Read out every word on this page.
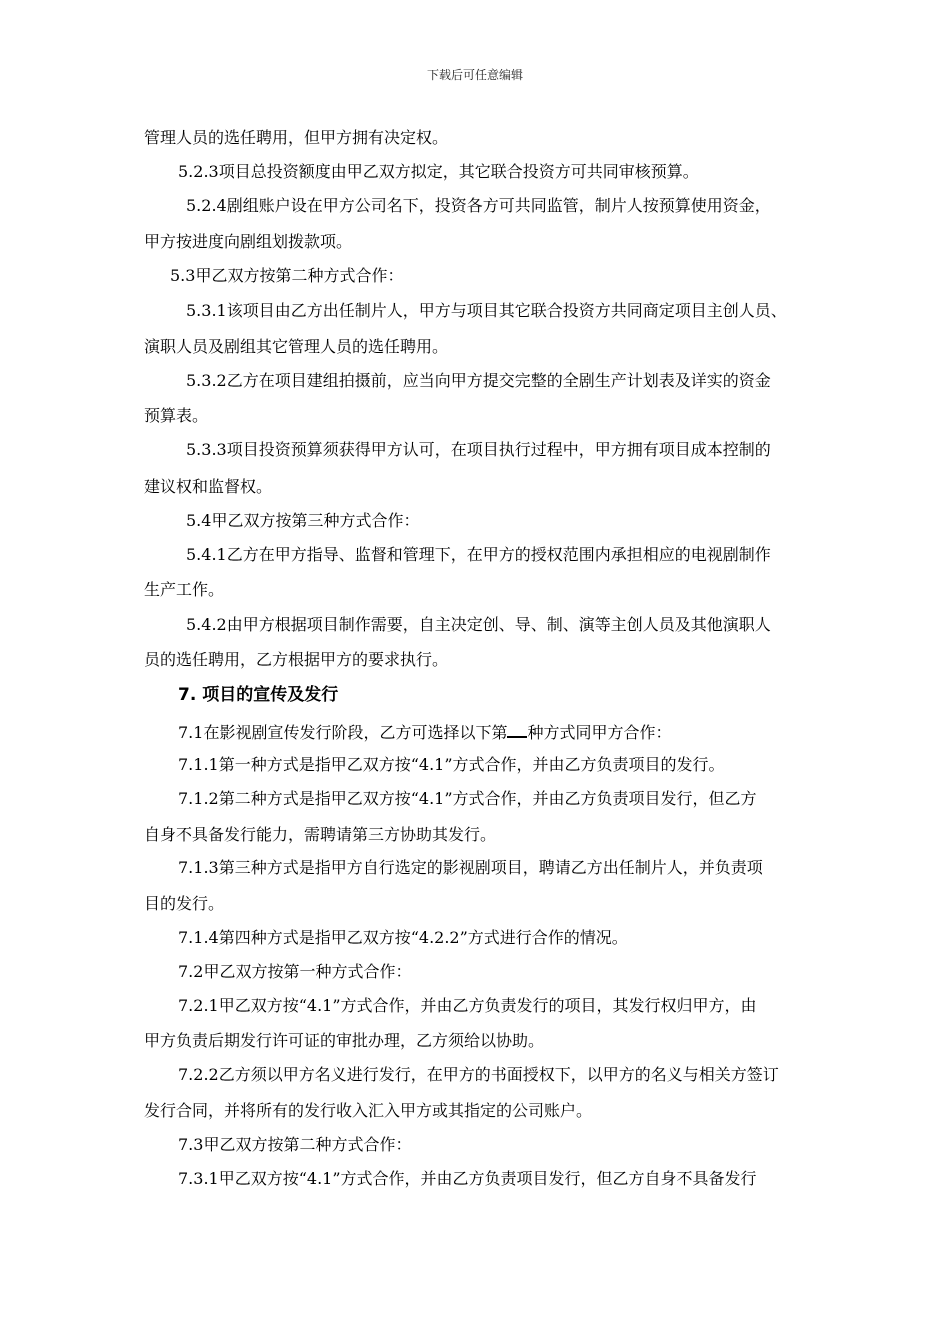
下载后可任意编辑
管理人员的选任聘用，但甲方拥有决定权。
5.2.3项目总投资额度由甲乙双方拟定，其它联合投资方可共同审核预算。
5.2.4剧组账户设在甲方公司名下，投资各方可共同监管，制片人按预算使用资金，
甲方按进度向剧组划拨款项。
5.3甲乙双方按第二种方式合作：
5.3.1该项目由乙方出任制片人，甲方与项目其它联合投资方共同商定项目主创人员、
演职人员及剧组其它管理人员的选任聘用。
5.3.2乙方在项目建组拍摄前，应当向甲方提交完整的全剧生产计划表及详实的资金
预算表。
5.3.3项目投资预算须获得甲方认可，在项目执行过程中，甲方拥有项目成本控制的
建议权和监督权。
5.4甲乙双方按第三种方式合作：
5.4.1乙方在甲方指导、监督和管理下，在甲方的授权范围内承担相应的电视剧制作
生产工作。
5.4.2由甲方根据项目制作需要，自主决定创、导、制、演等主创人员及其他演职人
员的选任聘用，乙方根据甲方的要求执行。
7. 项目的宣传及发行
7.1在影视剧宣传发行阶段，乙方可选择以下第 种方式同甲方合作：
7.1.1第一种方式是指甲乙双方按“4.1”方式合作，并由乙方负责项目的发行。
7.1.2第二种方式是指甲乙双方按“4.1”方式合作，并由乙方负责项目发行，但乙方
自身不具备发行能力，需聘请第三方协助其发行。
7.1.3第三种方式是指甲方自行选定的影视剧项目，聘请乙方出任制片人，并负责项
目的发行。
7.1.4第四种方式是指甲乙双方按“4.2.2”方式进行合作的情况。
7.2甲乙双方按第一种方式合作：
7.2.1甲乙双方按“4.1”方式合作，并由乙方负责发行的项目，其发行权归甲方，由
甲方负责后期发行许可证的审批办理，乙方须给以协助。
7.2.2乙方须以甲方名义进行发行，在甲方的书面授权下，以甲方的名义与相关方签订
发行合同，并将所有的发行收入汇入甲方或其指定的公司账户。
7.3甲乙双方按第二种方式合作：
7.3.1甲乙双方按“4.1”方式合作，并由乙方负责项目发行，但乙方自身不具备发行
